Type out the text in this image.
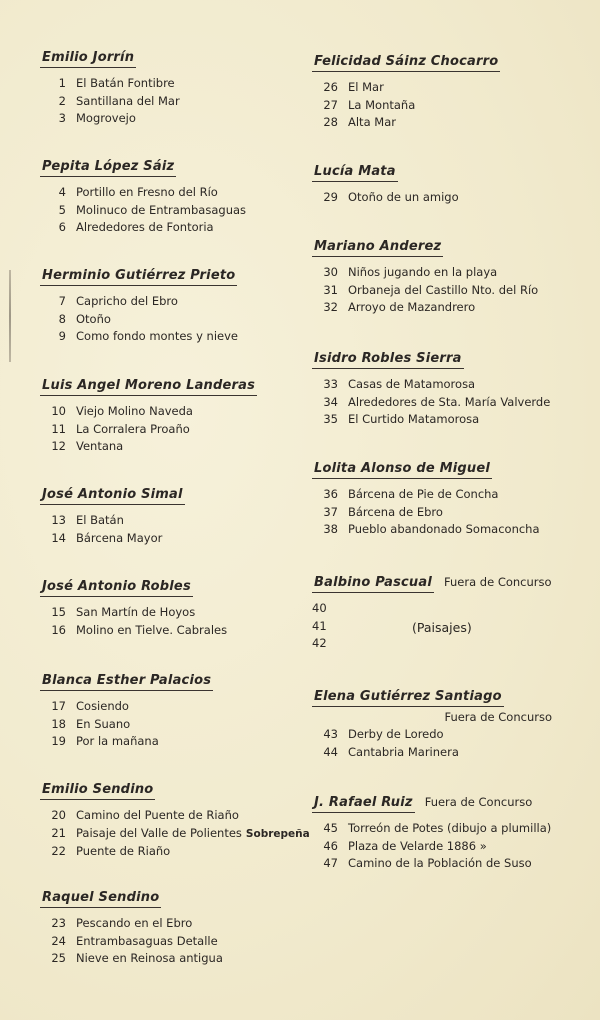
Emilio Jorrín
1 El Batán Fontibre
2 Santillana del Mar
3 Mogrovejo
Pepita López Sáiz
4 Portillo en Fresno del Río
5 Molinuco de Entrambasaguas
6 Alrededores de Fontoria
Herminio Gutiérrez Prieto
7 Capricho del Ebro
8 Otoño
9 Como fondo montes y nieve
Luis Angel Moreno Landeras
10 Viejo Molino Naveda
11 La Corralera Proaño
12 Ventana
José Antonio Simal
13 El Batán
14 Bárcena Mayor
José Antonio Robles
15 San Martín de Hoyos
16 Molino en Tielve. Cabrales
Blanca Esther Palacios
17 Cosiendo
18 En Suano
19 Por la mañana
Emilio Sendino
20 Camino del Puente de Riaño
21 Paisaje del Valle de Polientes Sobrepeña
22 Puente de Riaño
Raquel Sendino
23 Pescando en el Ebro
24 Entrambasaguas Detalle
25 Nieve en Reinosa antigua
Felicidad Sáinz Chocarro
26 El Mar
27 La Montaña
28 Alta Mar
Lucía Mata
29 Otoño de un amigo
Mariano Anderez
30 Niños jugando en la playa
31 Orbaneja del Castillo Nto. del Río
32 Arroyo de Mazandrero
Isidro Robles Sierra
33 Casas de Matamorosa
34 Alrededores de Sta. María Valverde
35 El Curtido Matamorosa
Lolita Alonso de Miguel
36 Bárcena de Pie de Concha
37 Bárcena de Ebro
38 Pueblo abandonado Somaconcha
Balbino Pascual Fuera de Concurso
40
41
42
(Paisajes)
Elena Gutiérrez Santiago
Fuera de Concurso
43 Derby de Loredo
44 Cantabria Marinera
J. Rafael Ruiz Fuera de Concurso
45 Torreón de Potes (dibujo a plumilla)
46 Plaza de Velarde 1886 »
47 Camino de la Población de Suso
